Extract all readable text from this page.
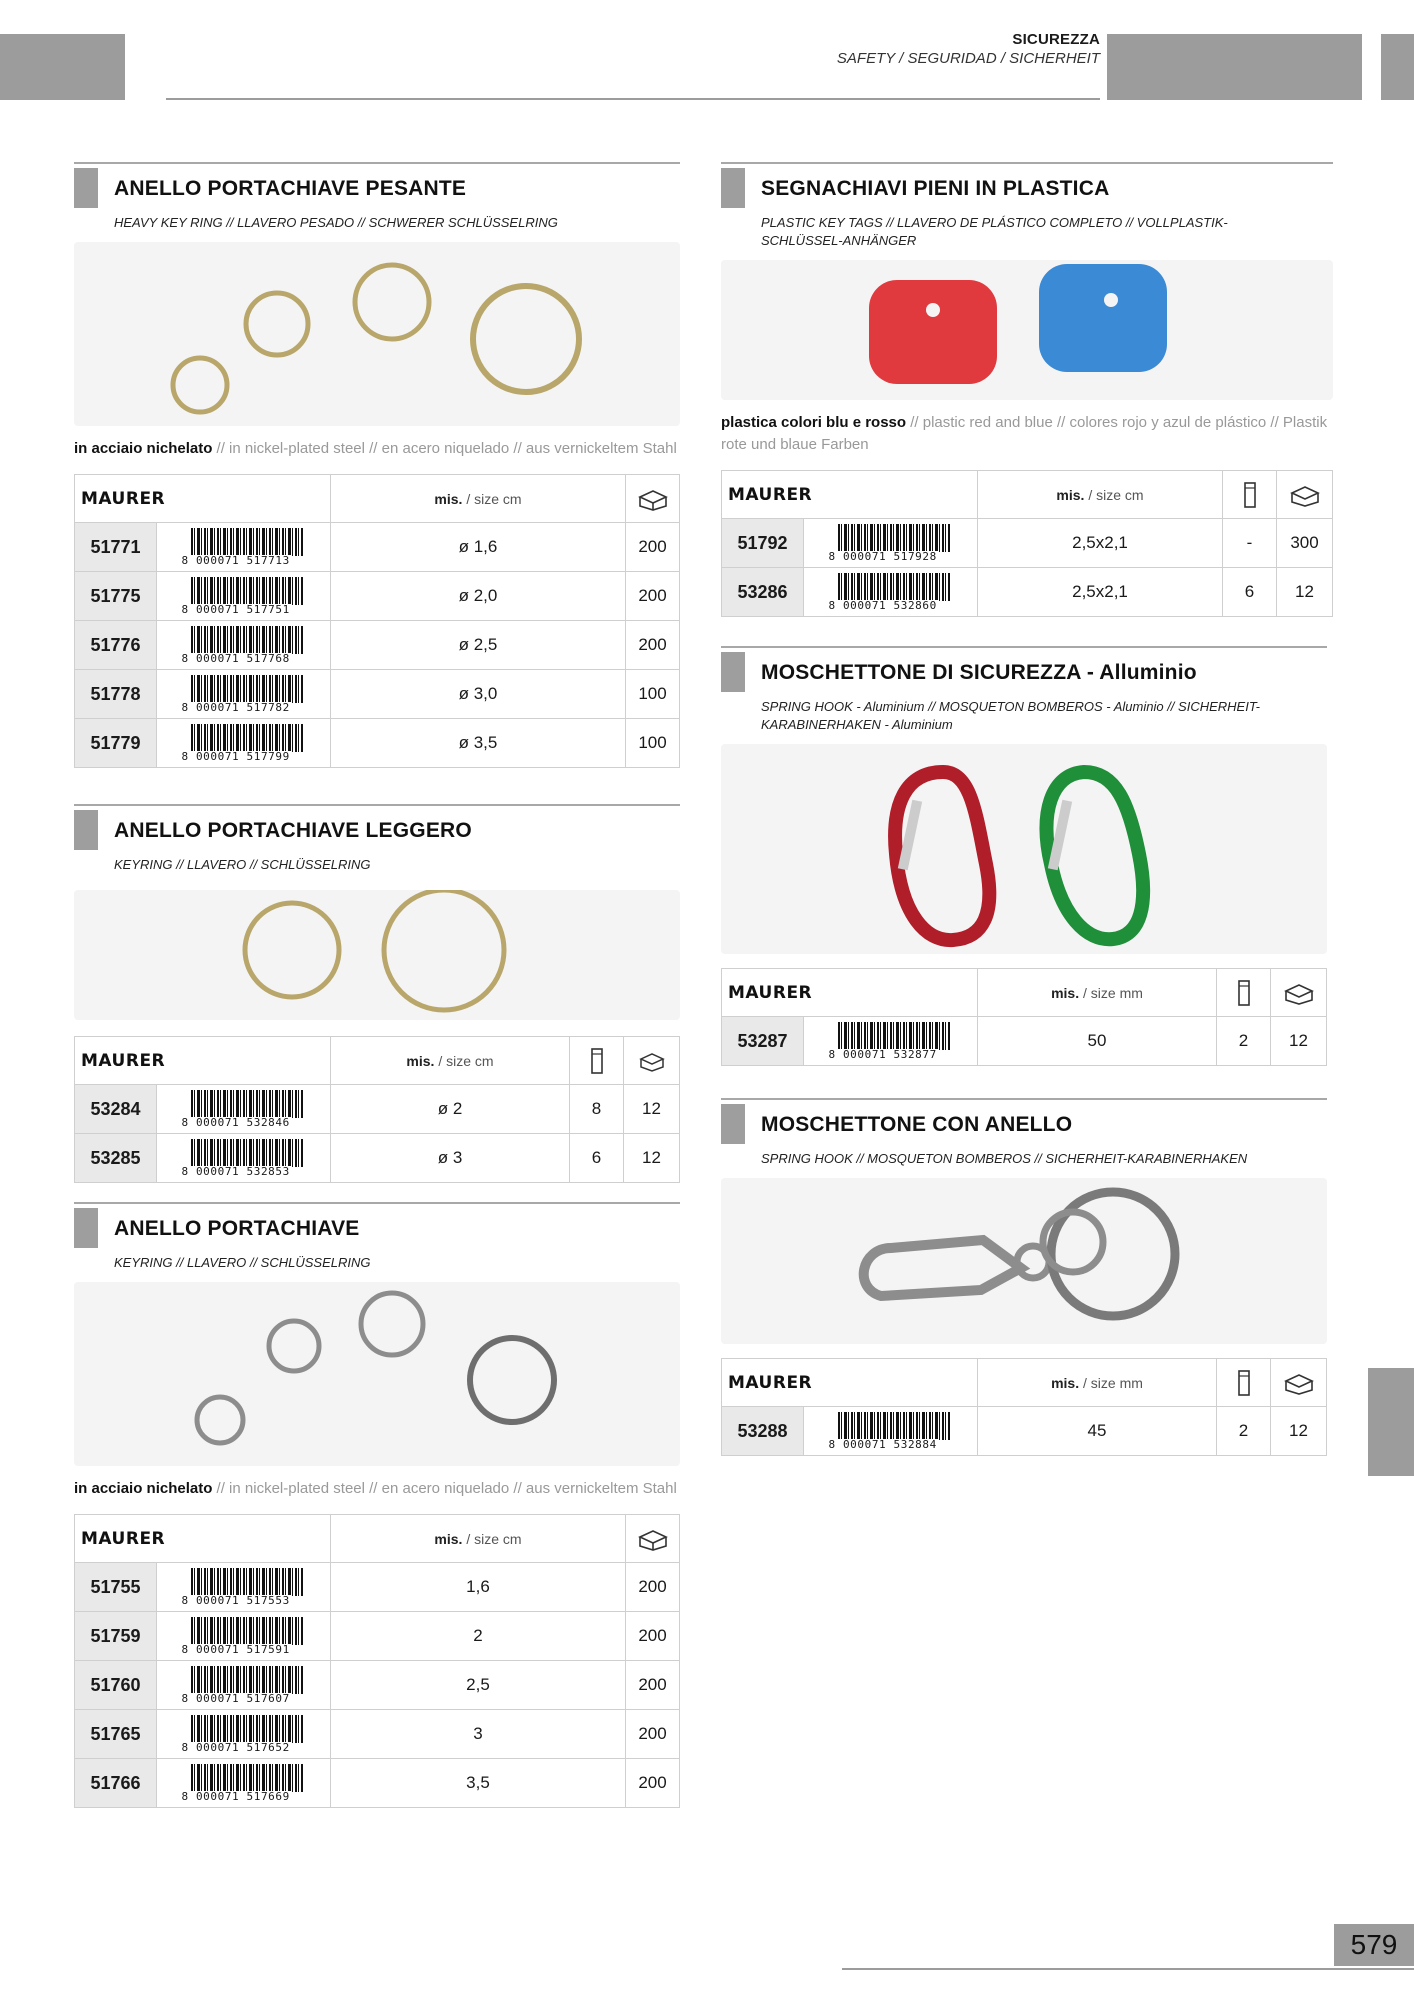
SICUREZZA
SAFETY / SEGURIDAD / SICHERHEIT
ANELLO PORTACHIAVE PESANTE
HEAVY KEY RING // LLAVERO PESADO // SCHWERER SCHLÜSSELRING
in acciaio nichelato // in nickel-plated steel // en acero niquelado // aus vernickeltem Stahl
MAURER		mis. / size cm	

51771	8 000071 517713	ø 1,6	200
51775	8 000071 517751	ø 2,0	200
51776	8 000071 517768	ø 2,5	200
51778	8 000071 517782	ø 3,0	100
51779	8 000071 517799	ø 3,5	100
ANELLO PORTACHIAVE LEGGERO
KEYRING // LLAVERO // SCHLÜSSELRING
MAURER		mis. / size cm	

53284	8 000071 532846	ø 2	8	12
53285	8 000071 532853	ø 3	6	12
ANELLO PORTACHIAVE
KEYRING // LLAVERO // SCHLÜSSELRING
in acciaio nichelato // in nickel-plated steel // en acero niquelado // aus vernickeltem Stahl
MAURER		mis. / size cm	

51755	8 000071 517553	1,6	200
51759	8 000071 517591	2	200
51760	8 000071 517607	2,5	200
51765	8 000071 517652	3	200
51766	8 000071 517669	3,5	200
SEGNACHIAVI PIENI IN PLASTICA
PLASTIC KEY TAGS // LLAVERO DE PLÁSTICO COMPLETO // VOLLPLASTIK-SCHLÜSSEL-ANHÄNGER
plastica colori blu e rosso // plastic red and blue // colores rojo y azul de plástico // Plastik rote und blaue Farben
MAURER		mis. / size cm	

51792	8 000071 517928	2,5x2,1	-	300
53286	8 000071 532860	2,5x2,1	6	12
MOSCHETTONE DI SICUREZZA - Alluminio
SPRING HOOK - Aluminium // MOSQUETON BOMBEROS - Aluminio // SICHERHEIT-KARABINERHAKEN - Aluminium
MAURER		mis. / size mm	

53287	8 000071 532877	50	2	12
MOSCHETTONE CON ANELLO
SPRING HOOK // MOSQUETON BOMBEROS // SICHERHEIT-KARABINERHAKEN
MAURER		mis. / size mm	

53288	8 000071 532884	45	2	12
579
